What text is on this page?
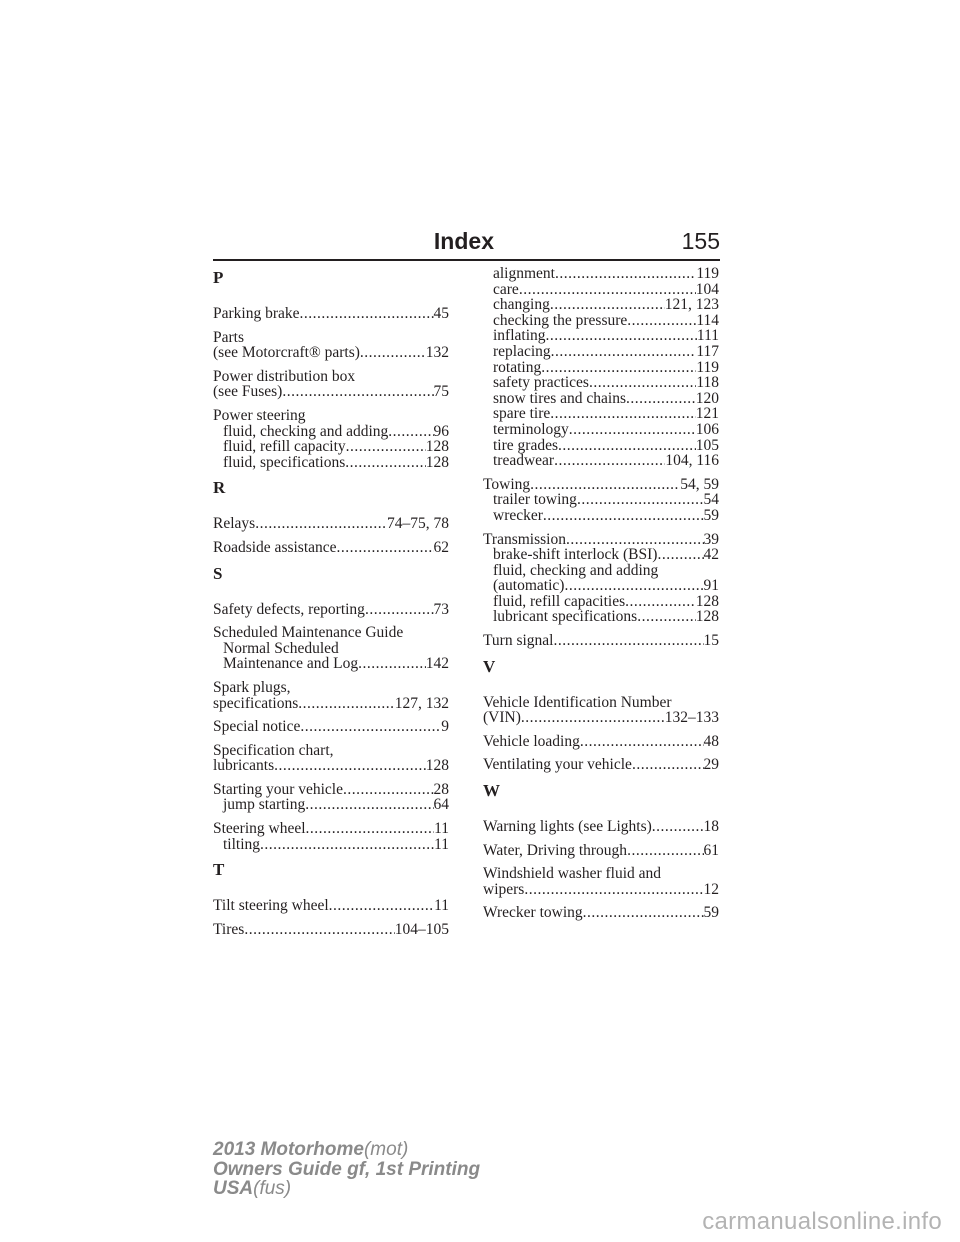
Index	155
P
Parking brake .....	45
Parts
(see Motorcraft® parts) .....	132
Power distribution box
(see Fuses) .....	75
Power steering
fluid, checking and adding .....	96
fluid, refill capacity .....	128
fluid, specifications .....	128
R
Relays .....	74–75, 78
Roadside assistance .....	62
S
Safety defects, reporting .....	73
Scheduled Maintenance Guide
Normal Scheduled
Maintenance and Log .....	142
Spark plugs,
specifications .....	127, 132
Special notice .....	9
Specification chart,
lubricants .....	128
Starting your vehicle .....	28
jump starting .....	64
Steering wheel .....	11
tilting .....	11
T
Tilt steering wheel .....	11
Tires .....	104–105
alignment .....	119
care .....	104
changing .....	121, 123
checking the pressure .....	114
inflating .....	111
replacing .....	117
rotating .....	119
safety practices .....	118
snow tires and chains .....	120
spare tire .....	121
terminology .....	106
tire grades .....	105
treadwear .....	104, 116
Towing .....	54, 59
trailer towing .....	54
wrecker .....	59
Transmission .....	39
brake-shift interlock (BSI) .....	42
fluid, checking and adding
(automatic) .....	91
fluid, refill capacities .....	128
lubricant specifications .....	128
Turn signal .....	15
V
Vehicle Identification Number
(VIN) .....	132–133
Vehicle loading .....	48
Ventilating your vehicle .....	29
W
Warning lights (see Lights) .....	18
Water, Driving through .....	61
Windshield washer fluid and
wipers .....	12
Wrecker towing .....	59
2013 Motorhome(mot)
Owners Guide gf, 1st Printing
USA(fus)
carmanualsonline.info
